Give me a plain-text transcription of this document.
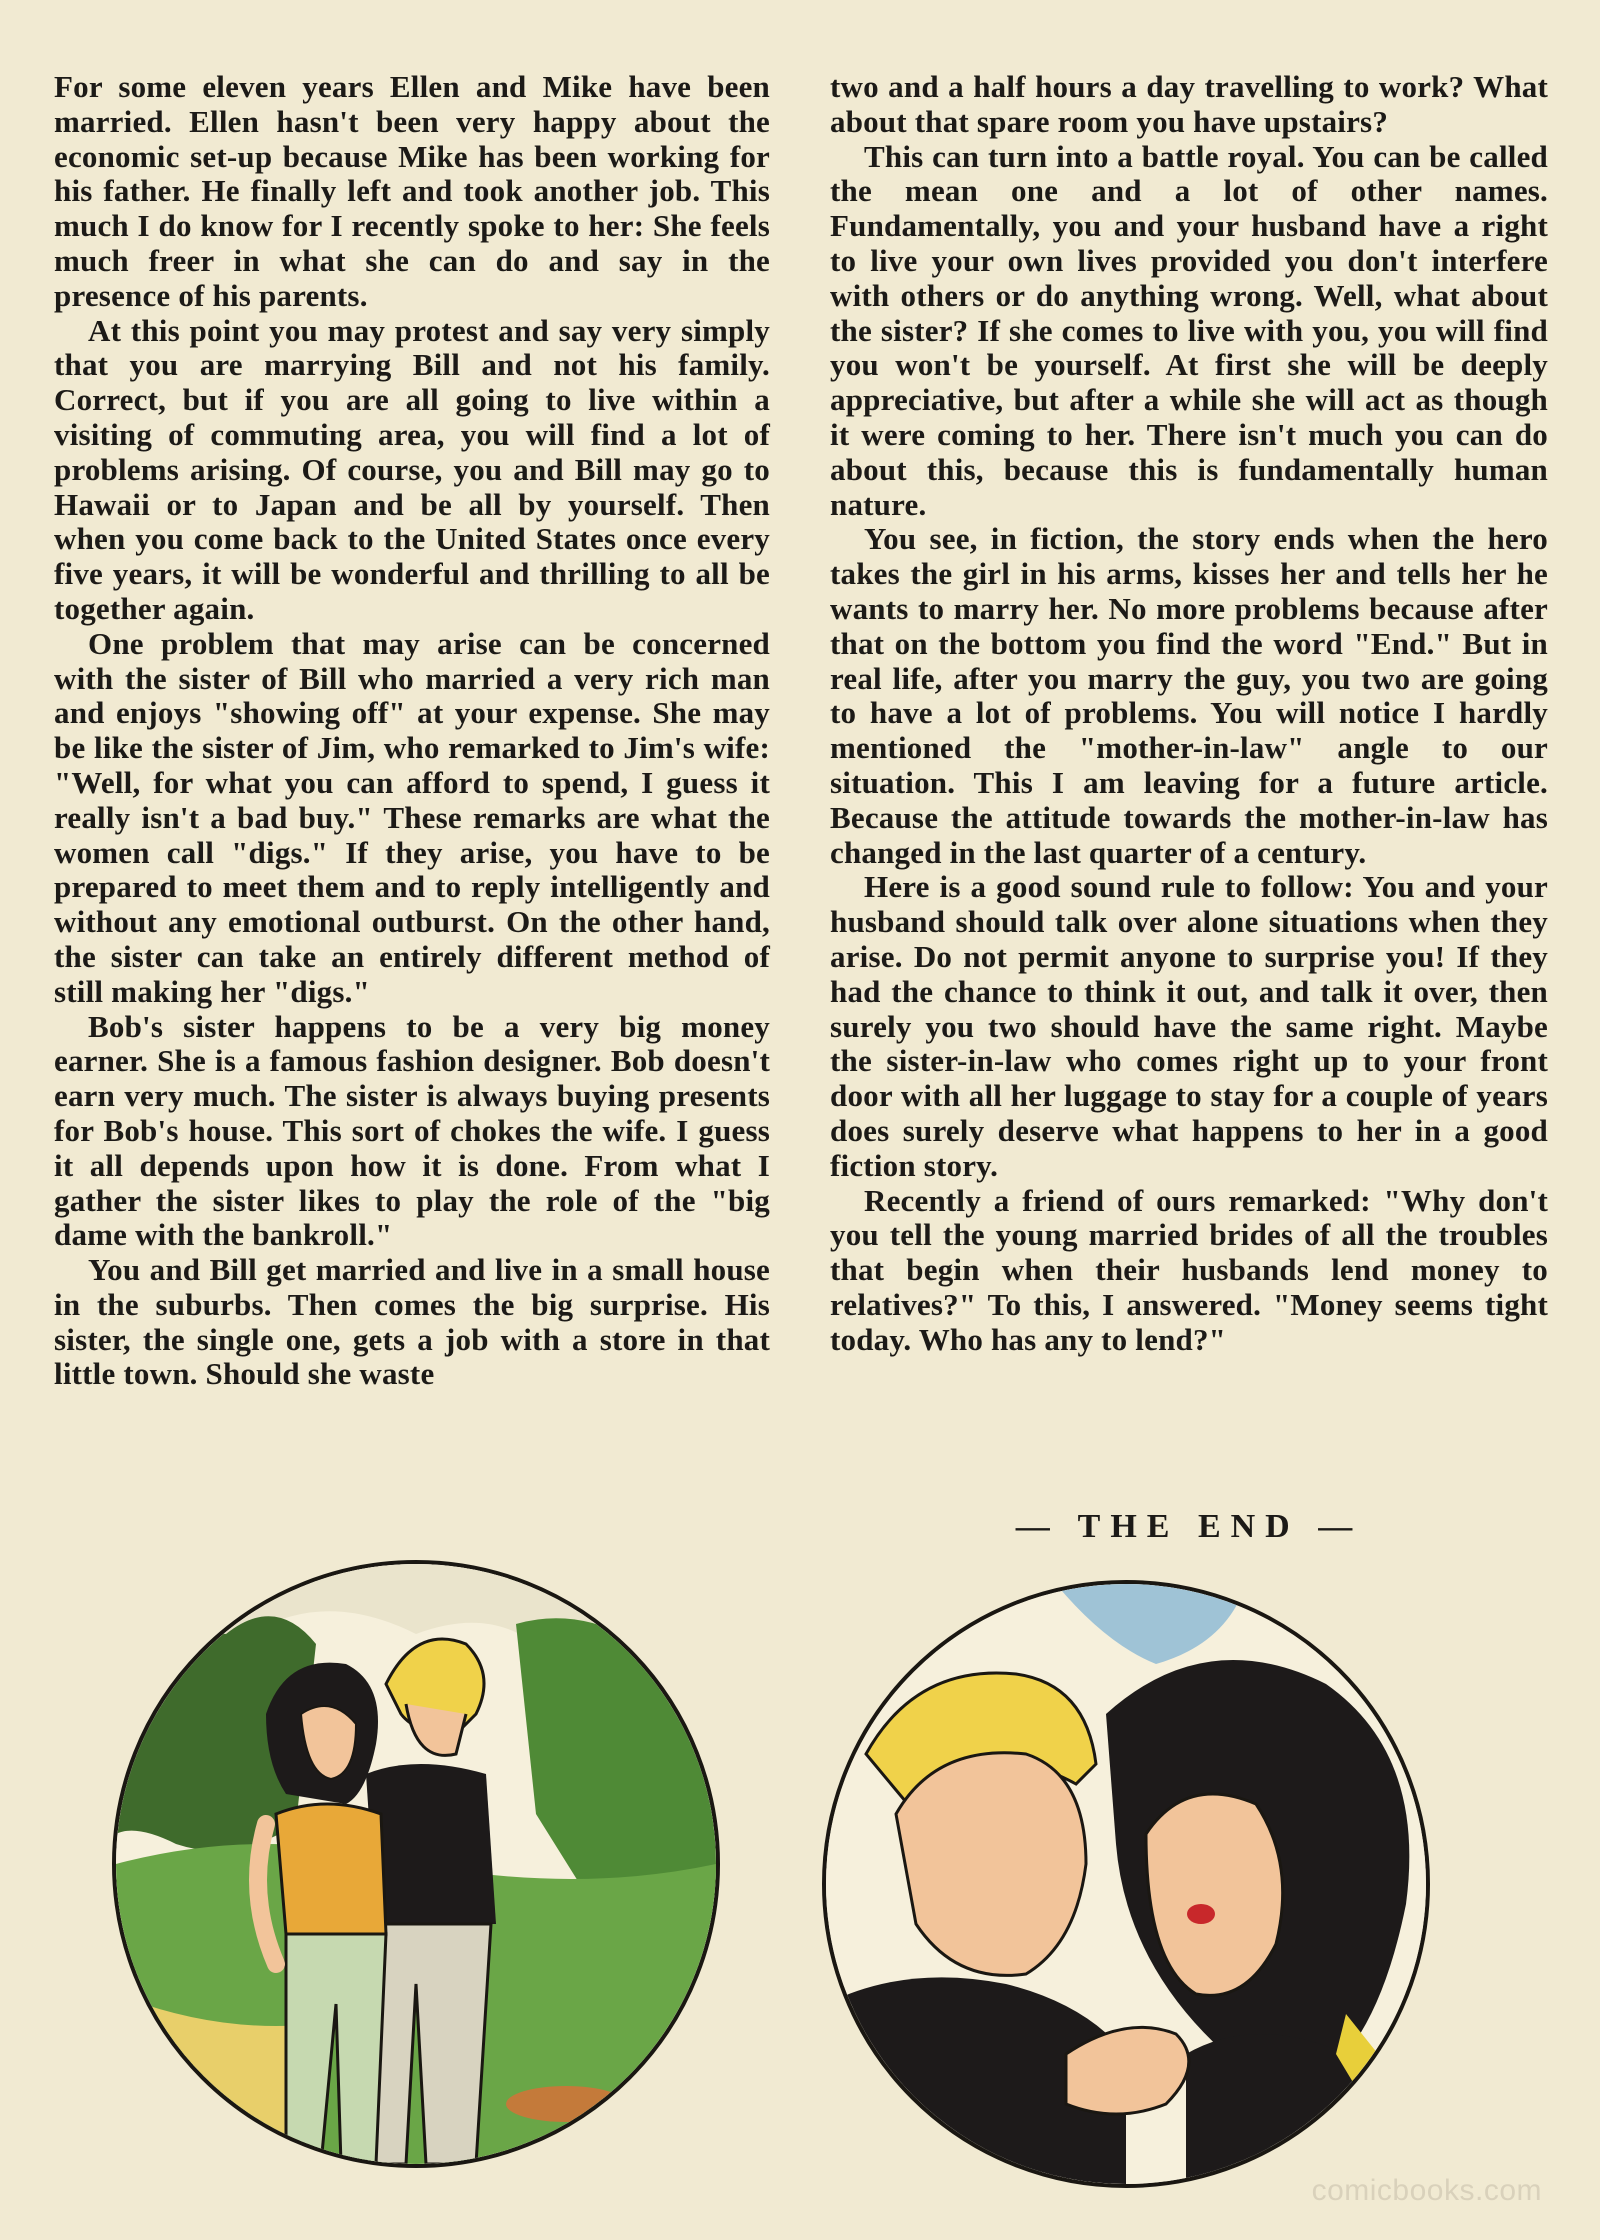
For some eleven years Ellen and Mike have been married. Ellen hasn't been very happy about the economic set-up because Mike has been working for his father. He finally left and took another job. This much I do know for I recently spoke to her: She feels much freer in what she can do and say in the presence of his parents.

At this point you may protest and say very simply that you are marrying Bill and not his family. Correct, but if you are all going to live within a visiting of commuting area, you will find a lot of problems arising. Of course, you and Bill may go to Hawaii or to Japan and be all by yourself. Then when you come back to the United States once every five years, it will be wonderful and thrilling to all be together again.

One problem that may arise can be concerned with the sister of Bill who married a very rich man and enjoys "showing off" at your expense. She may be like the sister of Jim, who remarked to Jim's wife: "Well, for what you can afford to spend, I guess it really isn't a bad buy." These remarks are what the women call "digs." If they arise, you have to be prepared to meet them and to reply intelligently and without any emotional outburst. On the other hand, the sister can take an entirely different method of still making her "digs."

Bob's sister happens to be a very big money earner. She is a famous fashion designer. Bob doesn't earn very much. The sister is always buying presents for Bob's house. This sort of chokes the wife. I guess it all depends upon how it is done. From what I gather the sister likes to play the role of the "big dame with the bankroll."

You and Bill get married and live in a small house in the suburbs. Then comes the big surprise. His sister, the single one, gets a job with a store in that little town. Should she waste

two and a half hours a day travelling to work? What about that spare room you have upstairs?

This can turn into a battle royal. You can be called the mean one and a lot of other names. Fundamentally, you and your husband have a right to live your own lives provided you don't interfere with others or do anything wrong. Well, what about the sister? If she comes to live with you, you will find you won't be yourself. At first she will be deeply appreciative, but after a while she will act as though it were coming to her. There isn't much you can do about this, because this is fundamentally human nature.

You see, in fiction, the story ends when the hero takes the girl in his arms, kisses her and tells her he wants to marry her. No more problems because after that on the bottom you find the word "End." But in real life, after you marry the guy, you two are going to have a lot of problems. You will notice I hardly mentioned the "mother-in-law" angle to our situation. This I am leaving for a future article. Because the attitude towards the mother-in-law has changed in the last quarter of a century.

Here is a good sound rule to follow: You and your husband should talk over alone situations when they arise. Do not permit anyone to surprise you! If they had the chance to think it out, and talk it over, then surely you two should have the same right. Maybe the sister-in-law who comes right up to your front door with all her luggage to stay for a couple of years does surely deserve what happens to her in a good fiction story.

Recently a friend of ours remarked: "Why don't you tell the young married brides of all the troubles that begin when their husbands lend money to relatives?" To this, I answered. "Money seems tight today. Who has any to lend?"

— THE END —
comicbooks.com
